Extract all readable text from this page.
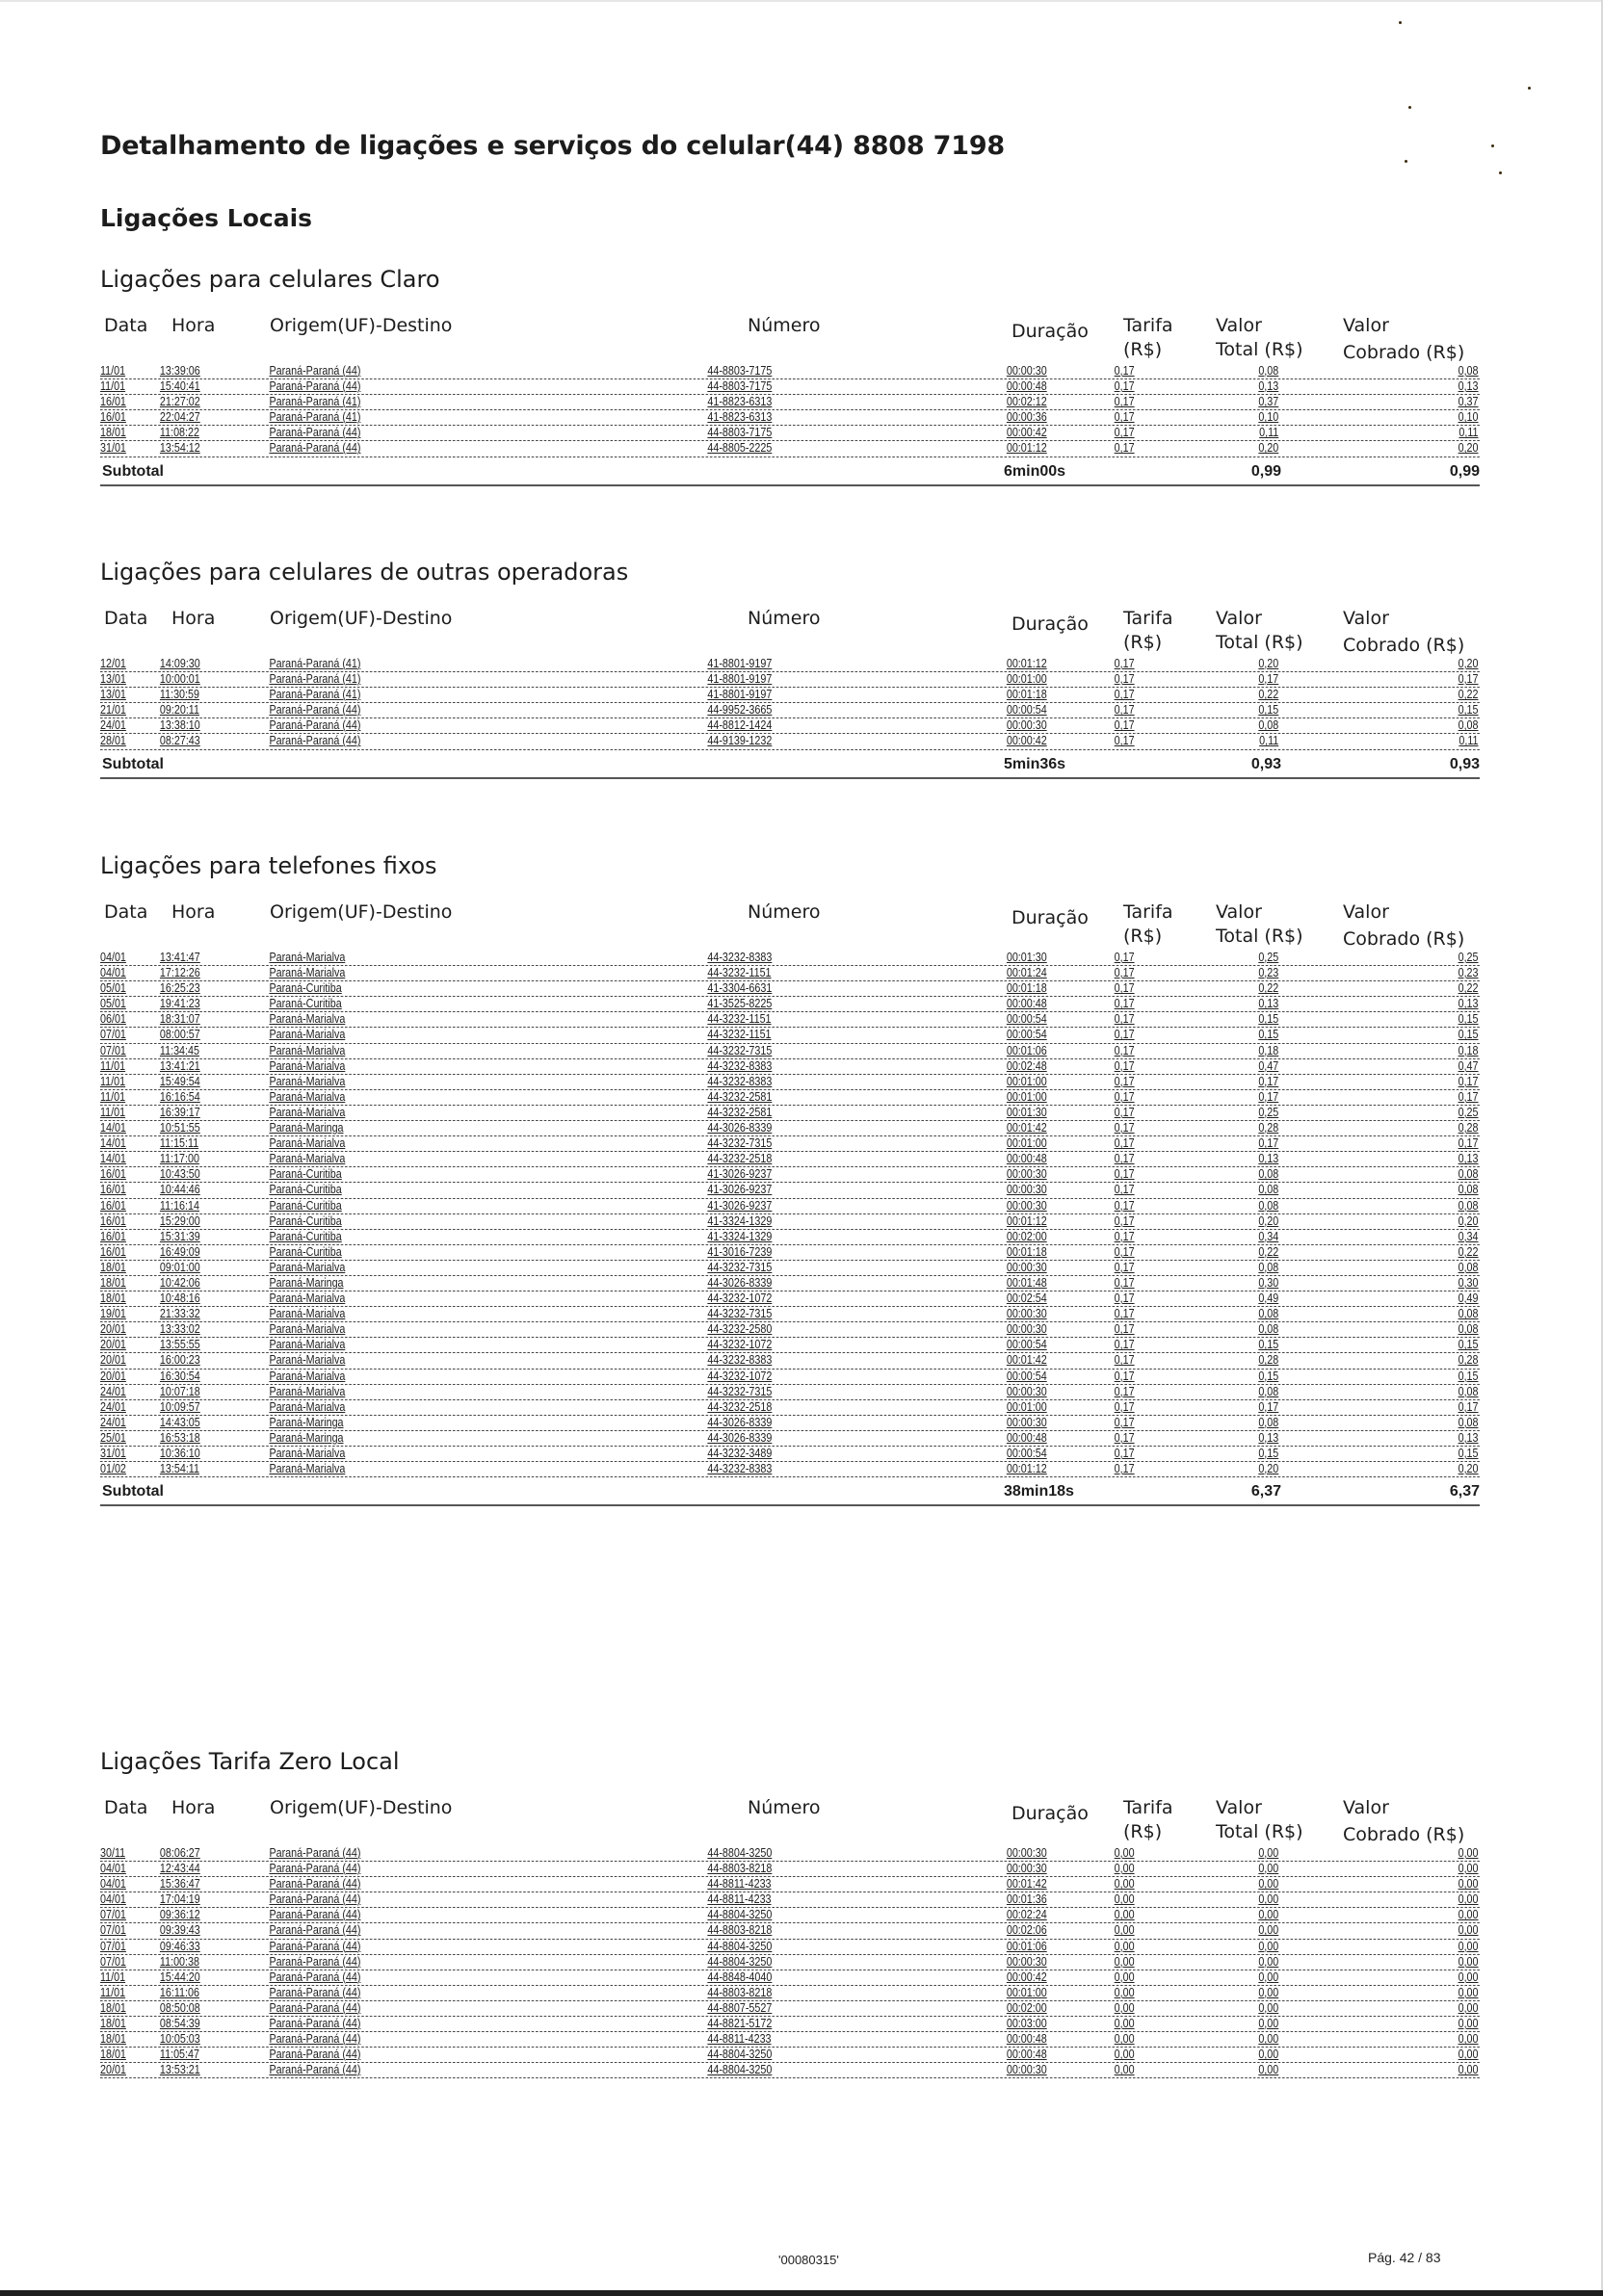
Detalhamento de ligações e serviços do celular(44) 8808 7198
Ligações Locais
Ligações para celulares Claro
Data Hora	Origem(UF)-Destino	Número	Duração Tarifa
(R$)
Valor
Total (R$)
Valor
Cobrado (R$)
11/01	13:39:06	Paraná-Paraná (44)	44-8803-7175	00:00:30	0,17	0,08	0,08
11/01	15:40:41	Paraná-Paraná (44)	44-8803-7175	00:00:48	0,17	0,13	0,13
16/01	21:27:02	Paraná-Paraná (41)	41-8823-6313	00:02:12	0,17	0,37	0,37
16/01	22:04:27	Paraná-Paraná (41)	41-8823-6313	00:00:36	0,17	0,10	0,10
18/01	11:08:22	Paraná-Paraná (44)	44-8803-7175	00:00:42	0,17	0,11	0,11
31/01	13:54:12	Paraná-Paraná (44)	44-8805-2225	00:01:12	0,17	0,20	0,20
Subtotal	6min00s	0,99	0,99
Ligações para celulares de outras operadoras
Data Hora	Origem(UF)-Destino	Número	Duração Tarifa
(R$)
Valor
Total (R$)
Valor
Cobrado (R$)
12/01	14:09:30	Paraná-Paraná (41)	41-8801-9197	00:01:12	0,17	0,20	0,20
13/01	10:00:01	Paraná-Paraná (41)	41-8801-9197	00:01:00	0,17	0,17	0,17
13/01	11:30:59	Paraná-Paraná (41)	41-8801-9197	00:01:18	0,17	0,22	0,22
21/01	09:20:11	Paraná-Paraná (44)	44-9952-3665	00:00:54	0,17	0,15	0,15
24/01	13:38:10	Paraná-Paraná (44)	44-8812-1424	00:00:30	0,17	0,08	0,08
28/01	08:27:43	Paraná-Paraná (44)	44-9139-1232	00:00:42	0,17	0,11	0,11
Subtotal	5min36s	0,93	0,93
Ligações para telefones fixos
Data Hora	Origem(UF)-Destino	Número	Duração Tarifa
(R$)
Valor
Total (R$)
Valor
Cobrado (R$)
04/01	13:41:47	Paraná-Marialva	44-3232-8383	00:01:30	0,17	0,25	0,25
04/01	17:12:26	Paraná-Marialva	44-3232-1151	00:01:24	0,17	0,23	0,23
05/01	16:25:23	Paraná-Curitiba	41-3304-6631	00:01:18	0,17	0,22	0,22
05/01	19:41:23	Paraná-Curitiba	41-3525-8225	00:00:48	0,17	0,13	0,13
06/01	18:31:07	Paraná-Marialva	44-3232-1151	00:00:54	0,17	0,15	0,15
07/01	08:00:57	Paraná-Marialva	44-3232-1151	00:00:54	0,17	0,15	0,15
07/01	11:34:45	Paraná-Marialva	44-3232-7315	00:01:06	0,17	0,18	0,18
11/01	13:41:21	Paraná-Marialva	44-3232-8383	00:02:48	0,17	0,47	0,47
11/01	15:49:54	Paraná-Marialva	44-3232-8383	00:01:00	0,17	0,17	0,17
11/01	16:16:54	Paraná-Marialva	44-3232-2581	00:01:00	0,17	0,17	0,17
11/01	16:39:17	Paraná-Marialva	44-3232-2581	00:01:30	0,17	0,25	0,25
14/01	10:51:55	Paraná-Maringa	44-3026-8339	00:01:42	0,17	0,28	0,28
14/01	11:15:11	Paraná-Marialva	44-3232-7315	00:01:00	0,17	0,17	0,17
14/01	11:17:00	Paraná-Marialva	44-3232-2518	00:00:48	0,17	0,13	0,13
16/01	10:43:50	Paraná-Curitiba	41-3026-9237	00:00:30	0,17	0,08	0,08
16/01	10:44:46	Paraná-Curitiba	41-3026-9237	00:00:30	0,17	0,08	0,08
16/01	11:16:14	Paraná-Curitiba	41-3026-9237	00:00:30	0,17	0,08	0,08
16/01	15:29:00	Paraná-Curitiba	41-3324-1329	00:01:12	0,17	0,20	0,20
16/01	15:31:39	Paraná-Curitiba	41-3324-1329	00:02:00	0,17	0,34	0,34
16/01	16:49:09	Paraná-Curitiba	41-3016-7239	00:01:18	0,17	0,22	0,22
18/01	09:01:00	Paraná-Marialva	44-3232-7315	00:00:30	0,17	0,08	0,08
18/01	10:42:06	Paraná-Maringa	44-3026-8339	00:01:48	0,17	0,30	0,30
18/01	10:48:16	Paraná-Marialva	44-3232-1072	00:02:54	0,17	0,49	0,49
19/01	21:33:32	Paraná-Marialva	44-3232-7315	00:00:30	0,17	0,08	0,08
20/01	13:33:02	Paraná-Marialva	44-3232-2580	00:00:30	0,17	0,08	0,08
20/01	13:55:55	Paraná-Marialva	44-3232-1072	00:00:54	0,17	0,15	0,15
20/01	16:00:23	Paraná-Marialva	44-3232-8383	00:01:42	0,17	0,28	0,28
20/01	16:30:54	Paraná-Marialva	44-3232-1072	00:00:54	0,17	0,15	0,15
24/01	10:07:18	Paraná-Marialva	44-3232-7315	00:00:30	0,17	0,08	0,08
24/01	10:09:57	Paraná-Marialva	44-3232-2518	00:01:00	0,17	0,17	0,17
24/01	14:43:05	Paraná-Maringa	44-3026-8339	00:00:30	0,17	0,08	0,08
25/01	16:53:18	Paraná-Maringa	44-3026-8339	00:00:48	0,17	0,13	0,13
31/01	10:36:10	Paraná-Marialva	44-3232-3489	00:00:54	0,17	0,15	0,15
01/02	13:54:11	Paraná-Marialva	44-3232-8383	00:01:12	0,17	0,20	0,20
Subtotal	38min18s	6,37	6,37
Ligações Tarifa Zero Local
Data Hora	Origem(UF)-Destino	Número	Duração Tarifa
(R$)
Valor
Total (R$)
Valor
Cobrado (R$)
30/11	08:06:27	Paraná-Paraná (44)	44-8804-3250	00:00:30	0,00	0,00	0,00
04/01	12:43:44	Paraná-Paraná (44)	44-8803-8218	00:00:30	0,00	0,00	0,00
04/01	15:36:47	Paraná-Paraná (44)	44-8811-4233	00:01:42	0,00	0,00	0,00
04/01	17:04:19	Paraná-Paraná (44)	44-8811-4233	00:01:36	0,00	0,00	0,00
07/01	09:36:12	Paraná-Paraná (44)	44-8804-3250	00:02:24	0,00	0,00	0,00
07/01	09:39:43	Paraná-Paraná (44)	44-8803-8218	00:02:06	0,00	0,00	0,00
07/01	09:46:33	Paraná-Paraná (44)	44-8804-3250	00:01:06	0,00	0,00	0,00
07/01	11:00:38	Paraná-Paraná (44)	44-8804-3250	00:00:30	0,00	0,00	0,00
11/01	15:44:20	Paraná-Paraná (44)	44-8848-4040	00:00:42	0,00	0,00	0,00
11/01	16:11:06	Paraná-Paraná (44)	44-8803-8218	00:01:00	0,00	0,00	0,00
18/01	08:50:08	Paraná-Paraná (44)	44-8807-5527	00:02:00	0,00	0,00	0,00
18/01	08:54:39	Paraná-Paraná (44)	44-8821-5172	00:03:00	0,00	0,00	0,00
18/01	10:05:03	Paraná-Paraná (44)	44-8811-4233	00:00:48	0,00	0,00	0,00
18/01	11:05:47	Paraná-Paraná (44)	44-8804-3250	00:00:48	0,00	0,00	0,00
20/01	13:53:21	Paraná-Paraná (44)	44-8804-3250	00:00:30	0,00	0,00	0,00
'00080315'	Pág. 42 / 83
